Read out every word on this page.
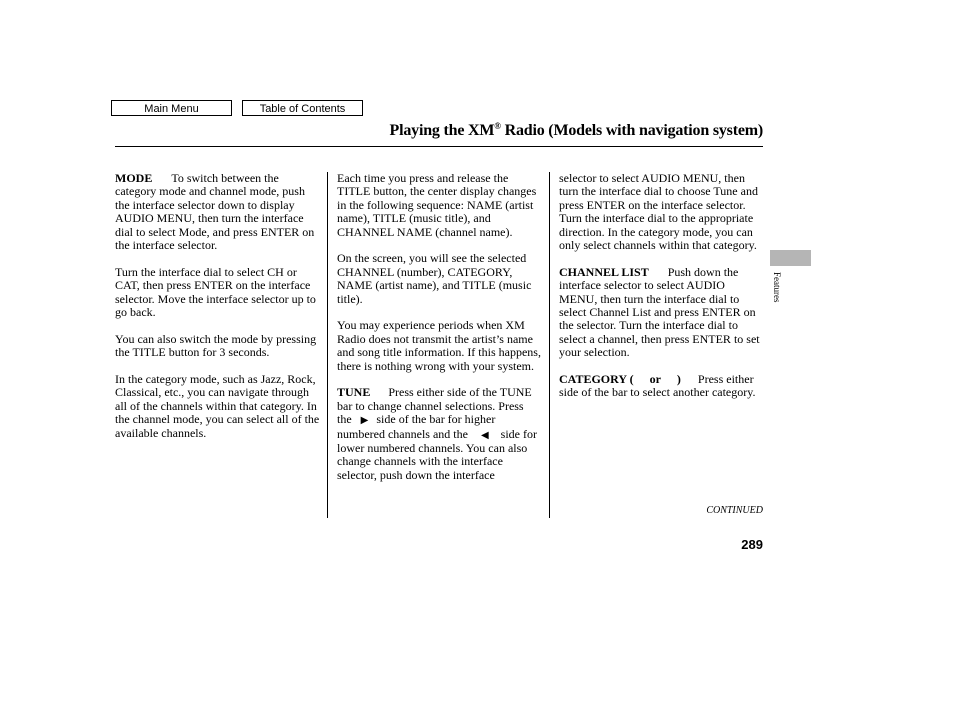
Main Menu	Table of Contents
Playing the XM® Radio (Models with navigation system)

MODE To switch between the category mode and channel mode, push the interface selector down to display AUDIO MENU, then turn the interface dial to select Mode, and press ENTER on the interface selector.

Turn the interface dial to select CH or CAT, then press ENTER on the interface selector. Move the interface selector up to go back.

You can also switch the mode by pressing the TITLE button for 3 seconds.

In the category mode, such as Jazz, Rock, Classical, etc., you can navigate through all of the channels within that category. In the channel mode, you can select all of the available channels.

Each time you press and release the TITLE button, the center display changes in the following sequence: NAME (artist name), TITLE (music title), and CHANNEL NAME (channel name).

On the screen, you will see the selected CHANNEL (number), CATEGORY, NAME (artist name), and TITLE (music title).

You may experience periods when XM Radio does not transmit the artist’s name and song title information. If this happens, there is nothing wrong with your system.

TUNE Press either side of the TUNE bar to change channel selections. Press the ▶ side of the bar for higher numbered channels and the ◀ side for lower numbered channels. You can also change channels with the interface selector, push down the interface

selector to select AUDIO MENU, then turn the interface dial to choose Tune and press ENTER on the interface selector. Turn the interface dial to the appropriate direction. In the category mode, you can only select channels within that category.

CHANNEL LIST Push down the interface selector to select AUDIO MENU, then turn the interface dial to select Channel List and press ENTER on the selector. Turn the interface dial to select a channel, then press ENTER to set your selection.

CATEGORY ( or ) Press either side of the bar to select another category.

Features
CONTINUED
289
